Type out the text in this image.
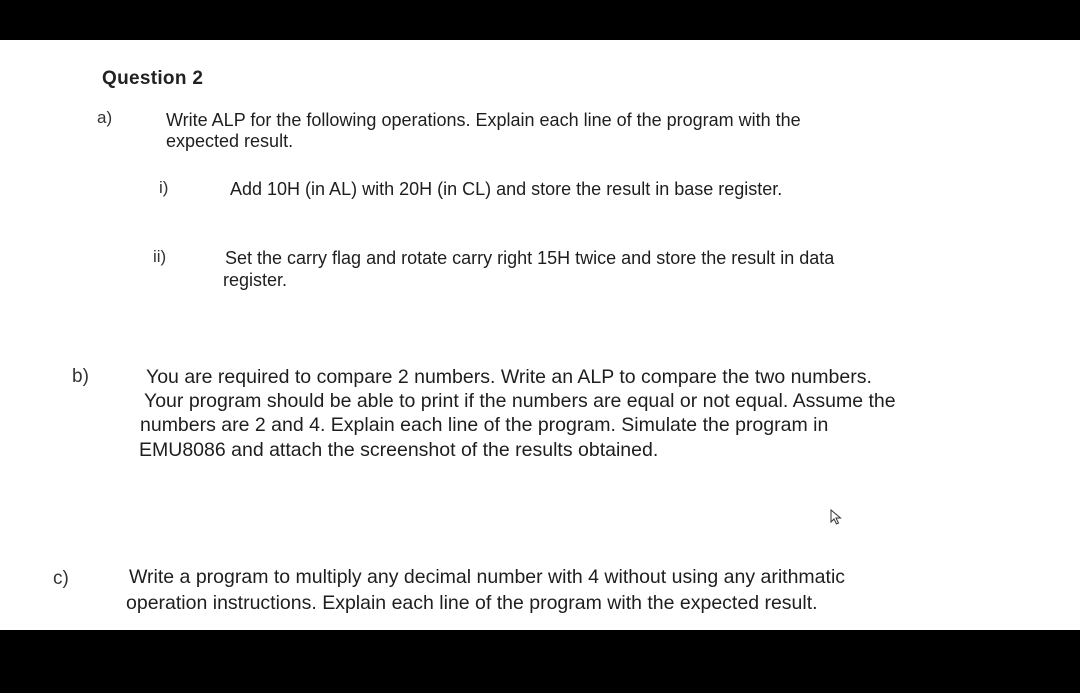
Question 2
a)	Write ALP for the following operations. Explain each line of the program with the
expected result.
i)	Add 10H (in AL) with 20H (in CL) and store the result in base register.
ii)	Set the carry flag and rotate carry right 15H twice and store the result in data
register.
b)	You are required to compare 2 numbers. Write an ALP to compare the two numbers.
Your program should be able to print if the numbers are equal or not equal. Assume the
numbers are 2 and 4. Explain each line of the program. Simulate the program in
EMU8086 and attach the screenshot of the results obtained.
c)	Write a program to multiply any decimal number with 4 without using any arithmatic
operation instructions. Explain each line of the program with the expected result.
